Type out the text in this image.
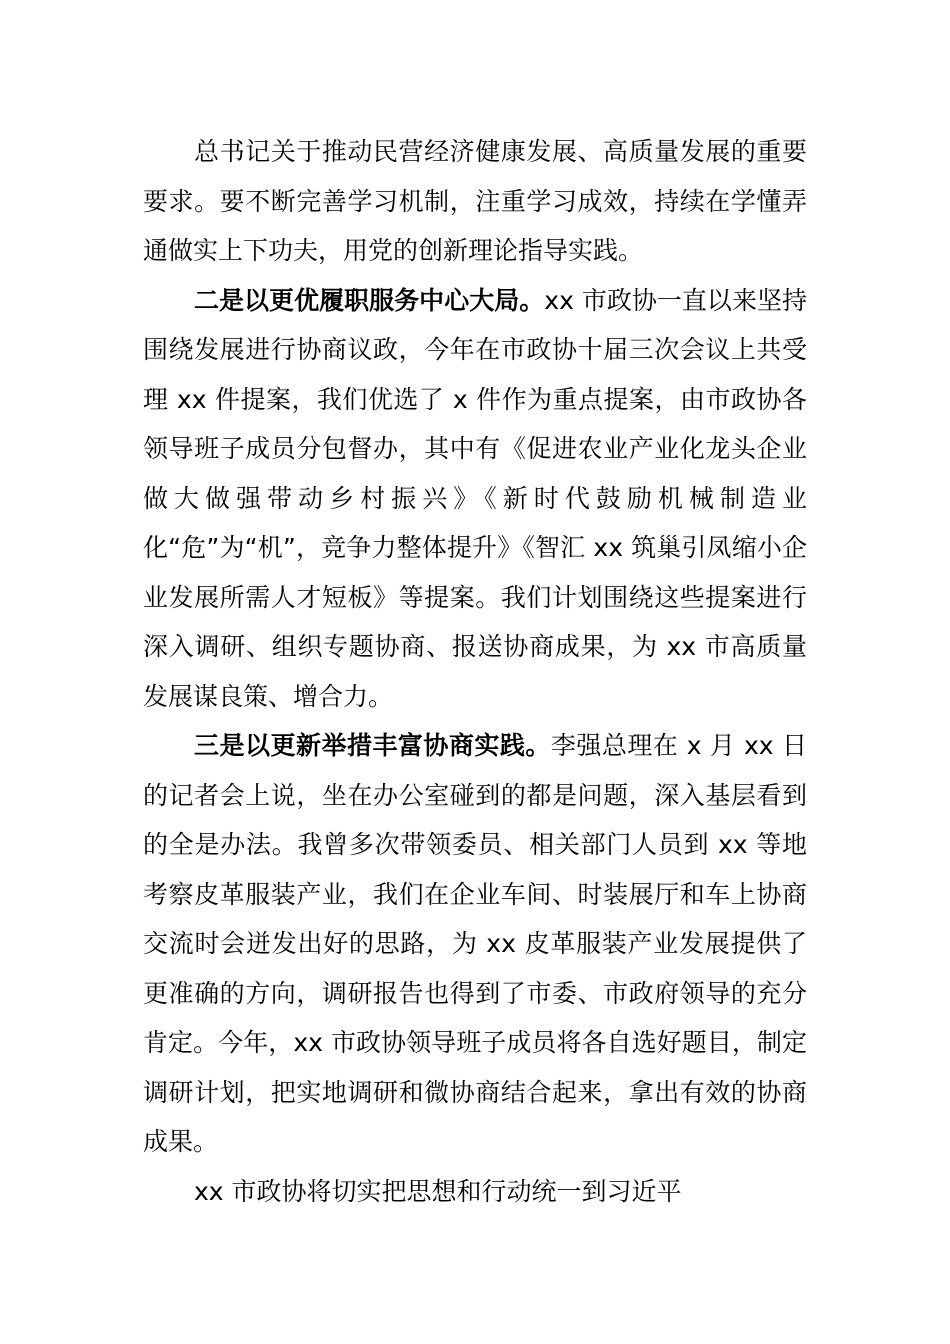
总书记关于推动民营经济健康发展、高质量发展的重要要求。要不断完善学习机制，注重学习成效，持续在学懂弄通做实上下功夫，用党的创新理论指导实践。

二是以更优履职服务中心大局。xx 市政协一直以来坚持围绕发展进行协商议政，今年在市政协十届三次会议上共受理 xx 件提案，我们优选了 x 件作为重点提案，由市政协各领导班子成员分包督办，其中有《促进农业产业化龙头企业做大做强带动乡村振兴》《新时代鼓励机械制造业化“危”为“机”，竞争力整体提升》《智汇 xx 筑巢引凤缩小企业发展所需人才短板》等提案。我们计划围绕这些提案进行深入调研、组织专题协商、报送协商成果，为 xx 市高质量发展谋良策、增合力。

三是以更新举措丰富协商实践。李强总理在 x 月 xx 日的记者会上说，坐在办公室碰到的都是问题，深入基层看到的全是办法。我曾多次带领委员、相关部门人员到 xx 等地考察皮革服装产业，我们在企业车间、时装展厅和车上协商交流时会迸发出好的思路，为 xx 皮革服装产业发展提供了更准确的方向，调研报告也得到了市委、市政府领导的充分肯定。今年，xx 市政协领导班子成员将各自选好题目，制定调研计划，把实地调研和微协商结合起来，拿出有效的协商成果。

xx 市政协将切实把思想和行动统一到习近平
